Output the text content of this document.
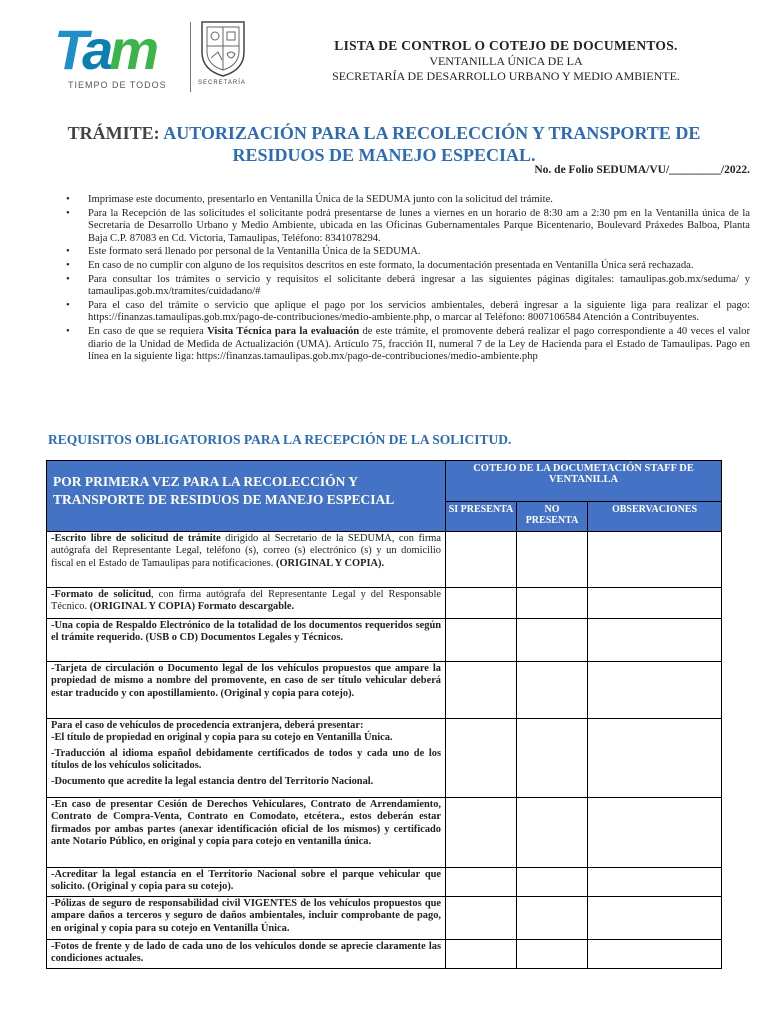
Tam
TIEMPO DE TODOS	SECRETARÍA
LISTA DE CONTROL O COTEJO DE DOCUMENTOS.
VENTANILLA ÚNICA DE LA
SECRETARÍA DE DESARROLLO URBANO Y MEDIO AMBIENTE.
TRÁMITE: AUTORIZACIÓN PARA LA RECOLECCIÓN Y TRANSPORTE DE RESIDUOS DE MANEJO ESPECIAL.
No. de Folio SEDUMA/VU/_________/2022.
• Imprimase este documento, presentarlo en Ventanilla Única de la SEDUMA junto con la solicitud del trámite.
• Para la Recepción de las solicitudes el solicitante podrá presentarse de lunes a viernes en un horario de 8:30 am a 2:30 pm en la Ventanilla única de la Secretaría de Desarrollo Urbano y Medio Ambiente, ubicada en las Oficinas Gubernamentales Parque Bicentenario, Boulevard Práxedes Balboa, Planta Baja C.P. 87083 en Cd. Victoria, Tamaulipas, Teléfono: 8341078294.
• Este formato será llenado por personal de la Ventanilla Única de la SEDUMA.
• En caso de no cumplir con alguno de los requisitos descritos en este formato, la documentación presentada en Ventanilla Única será rechazada.
• Para consultar los trámites o servicio y requisitos el solicitante deberá ingresar a las siguientes páginas digitales: tamaulipas.gob.mx/seduma/ y tamaulipas.gob.mx/tramites/cuidadano/#
• Para el caso del trámite o servicio que aplique el pago por los servicios ambientales, deberá ingresar a la siguiente liga para realizar el pago: https://finanzas.tamaulipas.gob.mx/pago-de-contribuciones/medio-ambiente.php, o marcar al Teléfono: 8007106584 Atención a Contribuyentes.
• En caso de que se requiera Visita Técnica para la evaluación de este trámite, el promovente deberá realizar el pago correspondiente a 40 veces el valor diario de la Unidad de Medida de Actualización (UMA). Artículo 75, fracción II, numeral 7 de la Ley de Hacienda para el Estado de Tamaulipas. Pago en línea en la siguiente liga: https://finanzas.tamaulipas.gob.mx/pago-de-contribuciones/medio-ambiente.php
REQUISITOS OBLIGATORIOS PARA LA RECEPCIÓN DE LA SOLICITUD.
POR PRIMERA VEZ PARA LA RECOLECCIÓN Y TRANSPORTE DE RESIDUOS DE MANEJO ESPECIAL	COTEJO DE LA DOCUMETACIÓN STAFF DE VENTANILLA		
	SI PRESENTA	NO PRESENTA	OBSERVACIONES
-Escrito libre de solicitud de trámite dirigido al Secretario de la SEDUMA, con firma autógrafa del Representante Legal, teléfono (s), correo (s) electrónico (s) y un domicilio fiscal en el Estado de Tamaulipas para notificaciones. (ORIGINAL Y COPIA).			
-Formato de solicitud, con firma autógrafa del Representante Legal y del Responsable Técnico. (ORIGINAL Y COPIA) Formato descargable.			
-Una copia de Respaldo Electrónico de la totalidad de los documentos requeridos según el trámite requerido. (USB o CD) Documentos Legales y Técnicos.			
-Tarjeta de circulación o Documento legal de los vehículos propuestos que ampare la propiedad de mismo a nombre del promovente, en caso de ser título vehicular deberá estar traducido y con apostillamiento. (Original y copia para cotejo).			

Para el caso de vehículos de procedencia extranjera, deberá presentar:

-El título de propiedad en original y copia para su cotejo en Ventanilla Única.

-Traducción al idioma español debidamente certificados de todos y cada uno de los títulos de los vehículos solicitados.

-Documento que acredite la legal estancia dentro del Territorio Nacional.			

-En caso de presentar Cesión de Derechos Vehiculares, Contrato de Arrendamiento, Contrato de Compra-Venta, Contrato en Comodato, etcétera., estos deberán estar firmados por ambas partes (anexar identificación oficial de los mismos) y certificado ante Notario Público, en original y copia para cotejo en ventanilla única.			
-Acreditar la legal estancia en el Territorio Nacional sobre el parque vehicular que solicito. (Original y copia para su cotejo).			
-Pólizas de seguro de responsabilidad civil VIGENTES de los vehículos propuestos que ampare daños a terceros y seguro de daños ambientales, incluir comprobante de pago, en original y copia para su cotejo en Ventanilla Única.			
-Fotos de frente y de lado de cada uno de los vehículos donde se aprecie claramente las condiciones actuales.			
